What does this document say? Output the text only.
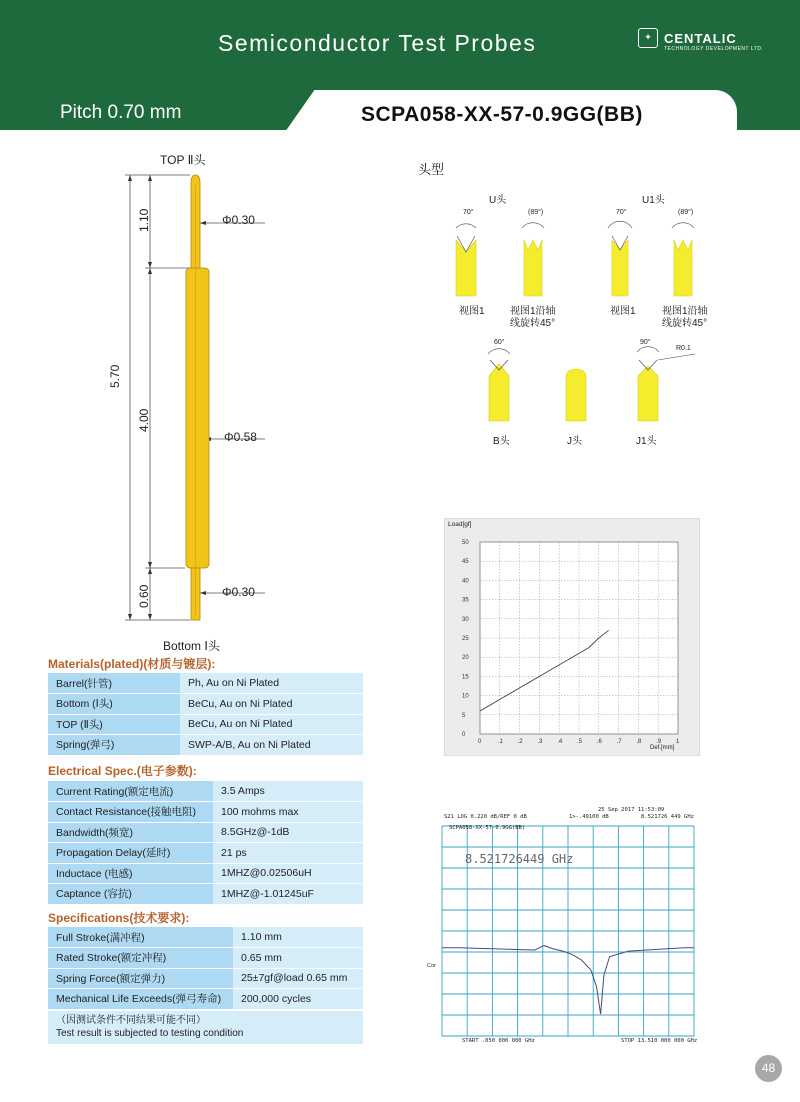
Semiconductor Test Probes	✦ CENTALIC
TECHNOLOGY DEVELOPMENT LTD.
Pitch 0.70 mm	SCPA058-XX-57-0.9GG(BB)
TOP Ⅱ头
Bottom Ⅰ头
5.70
1.10
4.00
0.60
Φ0.30
Φ0.58
Φ0.30
头型
U头	U1头
70°	(89°)	70°	(89°)
视图1	视图1沿轴
线旋转45°
视图1	视图1沿轴
线旋转45°
60°	90°
R0.1
B头	J头	J1头
0
5
10
15
20
25
30
35
40
45
50
0	.1 .2 .3 .4 .5 .6 .7 .8 .9 1
Load[gf]
Def.[mm]
S21 LOG 0.220 dB/REF 0 dB
25 Sep 2017 11:53:09
1>-.49100 dB	8.521726 449 GHz
SCPA058-XX-57-0.9GG(BB)
8.521726449 GHz
Cor
START .050 000 000 GHz	STOP 13.510 000 000 GHz
Materials(plated)(材质与镀层):
Barrel(针管)	Ph, Au on Ni Plated
Bottom (Ⅰ头)	BeCu, Au on Ni Plated
TOP (Ⅱ头)	BeCu, Au on Ni Plated
Spring(弹弓)	SWP-A/B, Au on Ni Plated
Electrical Spec.(电子参数):
Current Rating(额定电流)	3.5 Amps
Contact Resistance(接触电阻)	100 mohms max
Bandwidth(频宽)	8.5GHz@-1dB
Propagation Delay(延时)	21 ps
Inductace (电感)	1MHZ@0.02506uH
Captance (容抗)	1MHZ@-1.01245uF
Specifications(技术要求):
Full Stroke(满冲程)	1.10 mm
Rated Stroke(额定冲程)	0.65 mm
Spring Force(额定弹力)	25±7gf@load 0.65 mm
Mechanical Life Exceeds(弹弓寿命)	200,000 cycles
（因测试条件不同结果可能不同）
Test result is subjected to testing condition
48
